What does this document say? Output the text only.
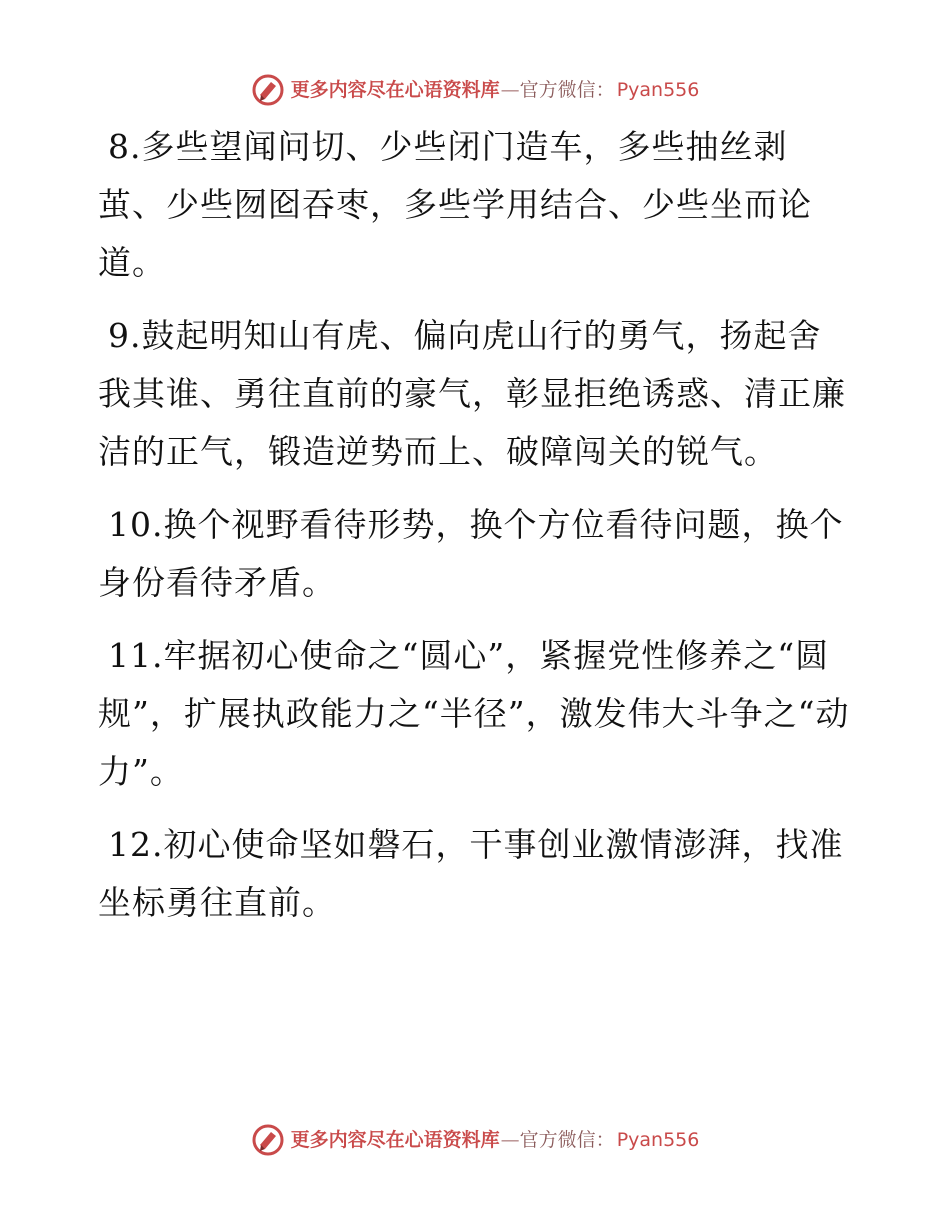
更多内容尽在心语资料库 — 官方微信： Pyan556

8.多些望闻问切、少些闭门造车，多些抽丝剥茧、少些囫囵吞枣，多些学用结合、少些坐而论道。

9.鼓起明知山有虎、偏向虎山行的勇气，扬起舍我其谁、勇往直前的豪气，彰显拒绝诱惑、清正廉洁的正气，锻造逆势而上、破障闯关的锐气。

10.换个视野看待形势，换个方位看待问题，换个身份看待矛盾。

11.牢据初心使命之“圆心”，紧握党性修养之“圆规”，扩展执政能力之“半径”，激发伟大斗争之“动力”。

12.初心使命坚如磐石，干事创业激情澎湃，找准坐标勇往直前。

更多内容尽在心语资料库 — 官方微信： Pyan556
